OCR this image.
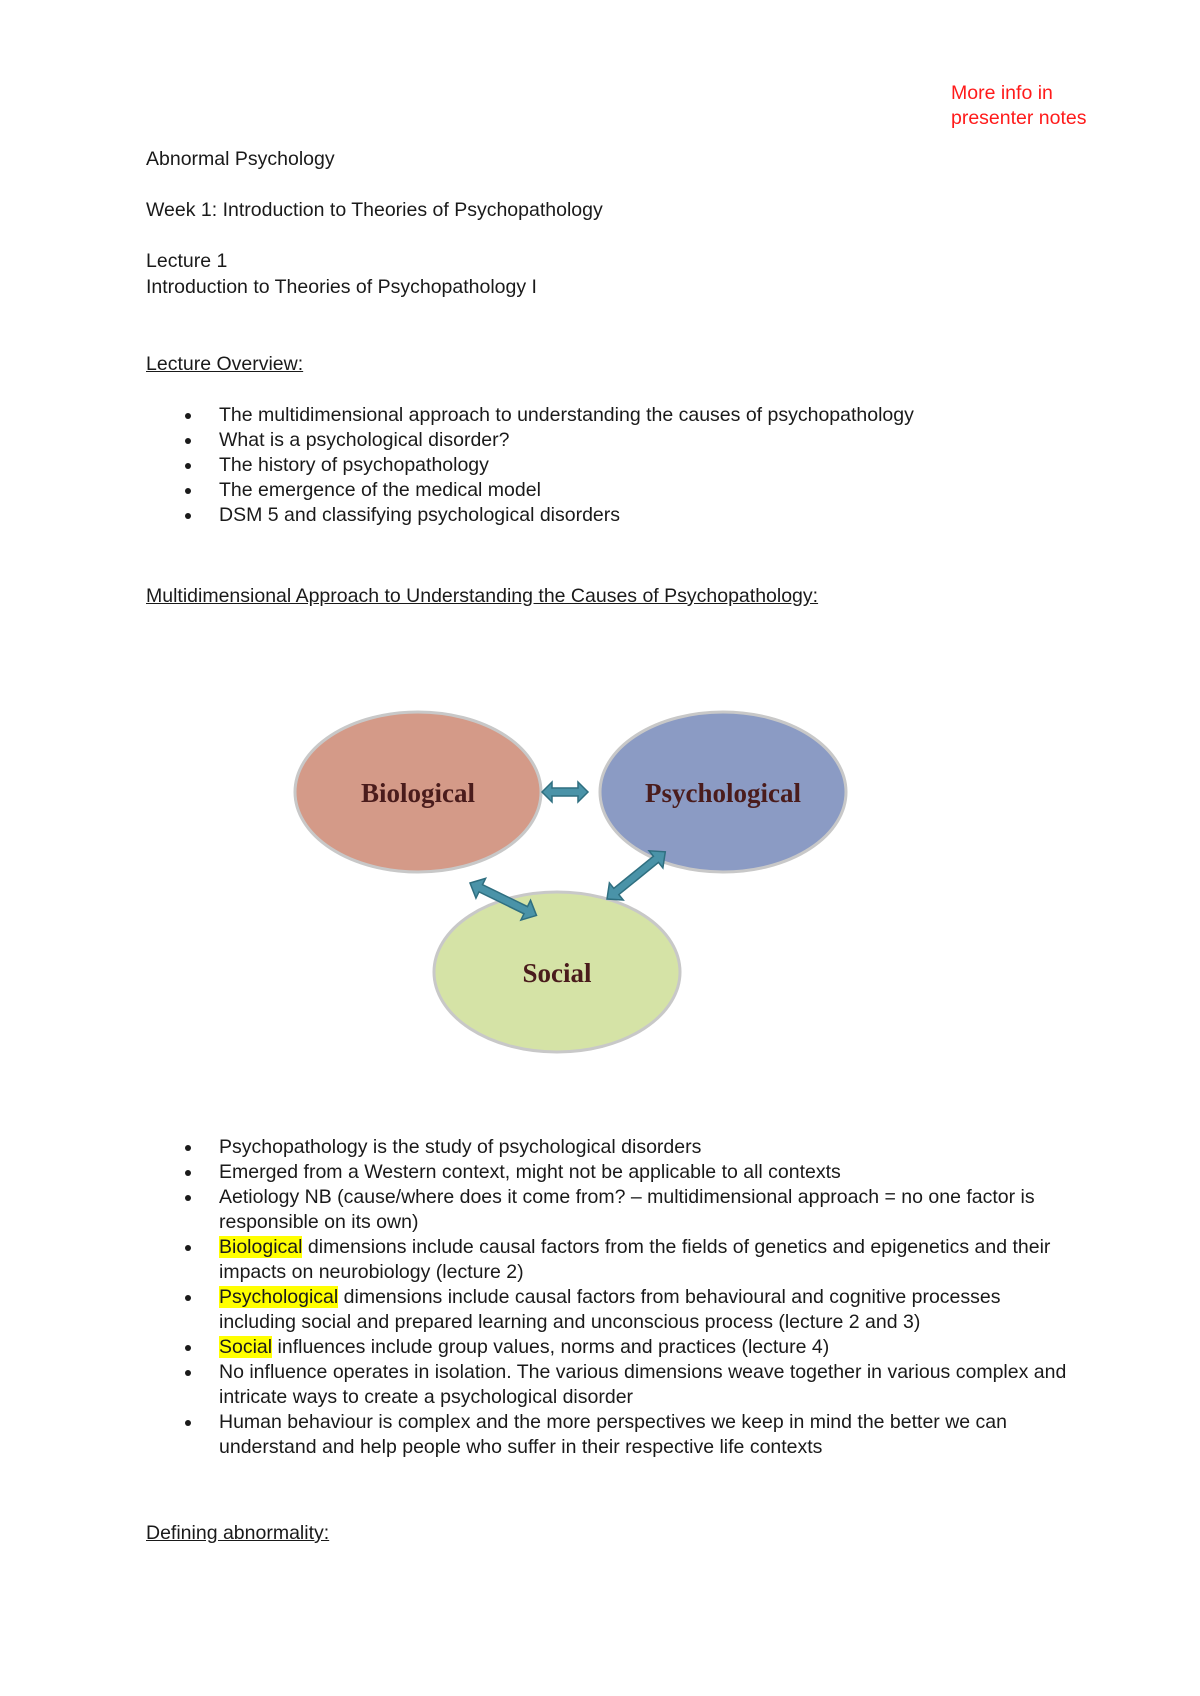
More info in
presenter notes
Abnormal Psychology
Week 1: Introduction to Theories of Psychopathology
Lecture 1
Introduction to Theories of Psychopathology I
Lecture Overview:
The multidimensional approach to understanding the causes of psychopathology
What is a psychological disorder?
The history of psychopathology
The emergence of the medical model
DSM 5 and classifying psychological disorders
Multidimensional Approach to Understanding the Causes of Psychopathology:
Biological	Psychological
Social
Psychopathology is the study of psychological disorders
Emerged from a Western context, might not be applicable to all contexts
Aetiology NB (cause/where does it come from? – multidimensional approach = no one factor is responsible on its own)
Biological dimensions include causal factors from the fields of genetics and epigenetics and their impacts on neurobiology (lecture 2)
Psychological dimensions include causal factors from behavioural and cognitive processes including social and prepared learning and unconscious process (lecture 2 and 3)
Social influences include group values, norms and practices (lecture 4)
No influence operates in isolation. The various dimensions weave together in various complex and intricate ways to create a psychological disorder
Human behaviour is complex and the more perspectives we keep in mind the better we can understand and help people who suffer in their respective life contexts
Defining abnormality:
